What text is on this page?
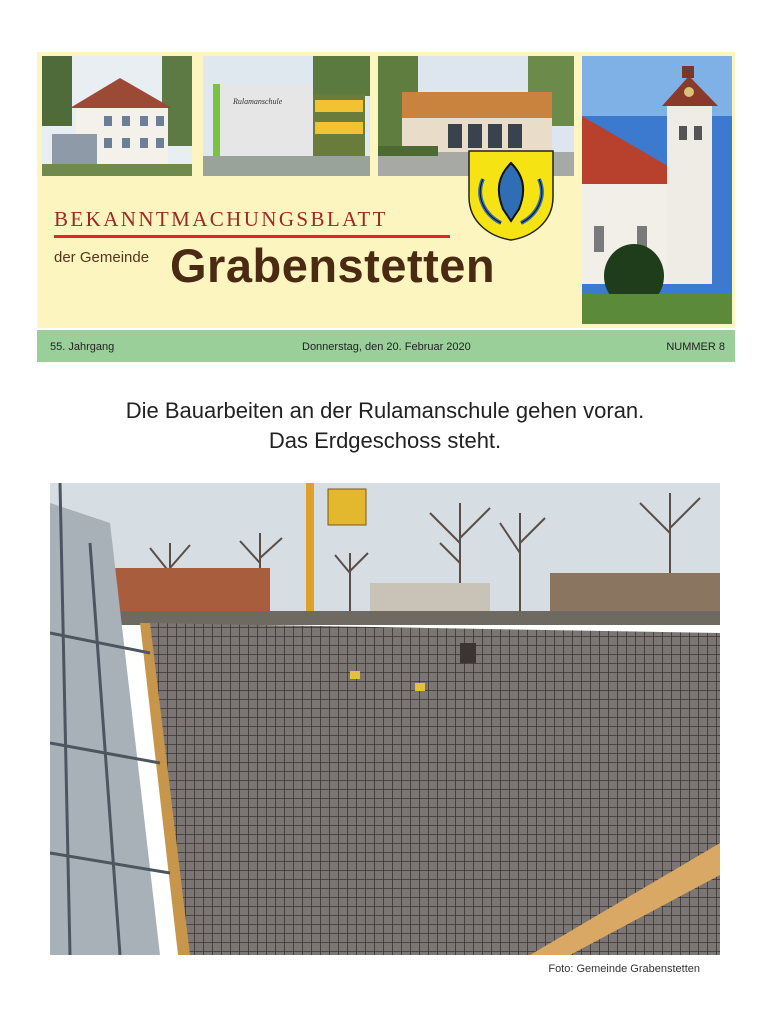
Rulamanschule
BEKANNTMACHUNGSBLATT
der Gemeinde Grabenstetten
55. Jahrgang	Donnerstag, den 20. Februar 2020	NUMMER 8
Die Bauarbeiten an der Rulamanschule gehen voran.
Das Erdgeschoss steht.
Foto: Gemeinde Grabenstetten
